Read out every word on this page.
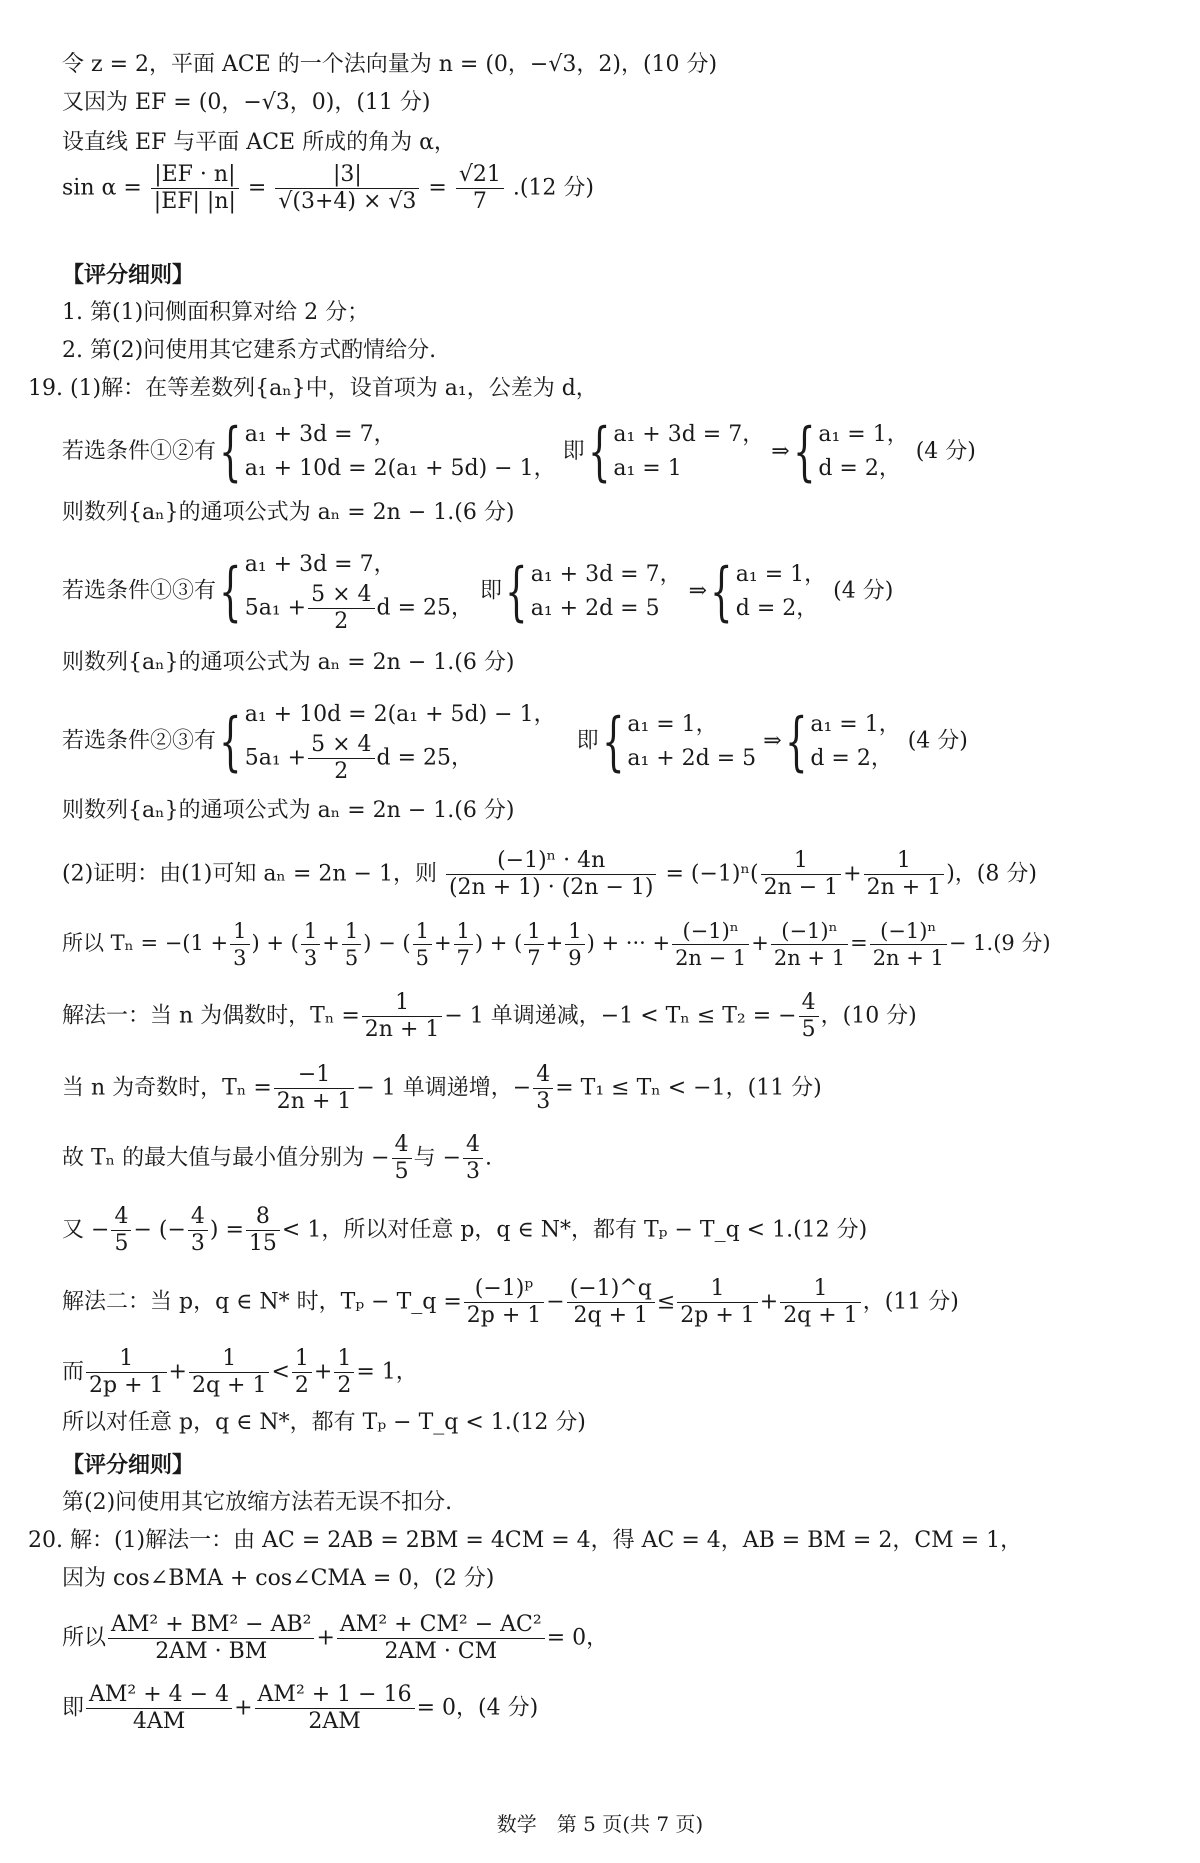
令 z = 2，平面 ACE 的一个法向量为 n = (0，−√3，2)，(10 分)
又因为 EF = (0，−√3，0)，(11 分)
设直线 EF 与平面 ACE 所成的角为 α，
$\sin \alpha = \frac{|EF \cdot n|}{|EF| |n|} = \frac{|3|}{√(3+4) \times √3} = \frac{√21}{7} .(12$ 分)
【评分细则】
1. 第(1)问侧面积算对给 2 分；
2. 第(2)问使用其它建系方式酌情给分.
19. (1)解：在等差数列{aₙ}中，设首项为 a₁，公差为 d，
若选条件①②有{ a₁ + 3d = 7，
a₁ + 10d = 2(a₁ + 5d) − 1，
即{ a₁ + 3d = 7，
a₁ = 1
⇒{ a₁ = 1，
d = 2，
(4 分)
则数列{aₙ}的通项公式为 aₙ = 2n − 1.(6 分)
若选条件①③有{ a₁ + 3d = 7，
$5a_1 + \frac{5 \times 4}{2}$ d = 25，
即{ a₁ + 3d = 7，
a₁ + 2d = 5
⇒{ a₁ = 1，
d = 2，
(4 分)
则数列{aₙ}的通项公式为 aₙ = 2n − 1.(6 分)
若选条件②③有{ a₁ + 10d = 2(a₁ + 5d) − 1，
$5a_1 + \frac{5 \times 4}{2}$ d = 25，
即{ a₁ = 1，
a₁ + 2d = 5
⇒{ a₁ = 1，
d = 2，
(4 分)
则数列{aₙ}的通项公式为 aₙ = 2n − 1.(6 分)
(2)证明：由(1)可知 aₙ = 2n − 1，则 $\frac{\text{(−1)ⁿ · 4n}}{(2n + 1) \cdot (2n - 1)} = (-1)^n( \frac{1}{2n - 1} + \frac{1}{2n + 1}$ )，(8 分)
所以 $T_n = -(1 + \frac{1}{3}$ ) + ( $\frac{1}{3} + \frac{1}{5}$ ) − ( $\frac{1}{5} + \frac{1}{7}$ ) + ( $\frac{1}{7} + \frac{1}{9}$ ) + ··· + $\frac{\text{(−1)ⁿ}}{2n - 1} + \frac{\text{(−1)ⁿ}}{2n + 1} = \frac{\text{(−1)ⁿ}}{2n + 1} - 1.(9$ 分)
解法一：当 n 为偶数时，$T_n = \frac{1}{2n + 1} - 1$ 单调递减，−1 < Tₙ ≤ T₂ = − $\frac{4}{5}$ ，(10 分)
当 n 为奇数时，$T_n = \frac{-1}{2n + 1} - 1$ 单调递增，− $\frac{4}{3} = T_1 \le T_n < -1$，(11 分)
故 Tₙ 的最大值与最小值分别为 − $\frac{4}{5}$ 与 − $\frac{4}{3}$ .
又 − $\frac{4}{5}$ − (− $\frac{4}{3}$ ) = $\frac{8}{15} < 1$，所以对任意 p，q ∈ N*，都有 Tₚ − T_q < 1.(12 分)
解法二：当 p，q ∈ N* 时，Tₚ − T_q = $\frac{\text{(−1)ᵖ}}{2p + 1} - \frac{(-1)\^{}q}{2q + 1} \le \frac{1}{2p + 1} + \frac{1}{2q + 1}$ ，(11 分)
而 $\frac{1}{2p + 1} + \frac{1}{2q + 1} < \frac{1}{2} + \frac{1}{2} = 1$，
所以对任意 p，q ∈ N*，都有 Tₚ − T_q < 1.(12 分)
【评分细则】
第(2)问使用其它放缩方法若无误不扣分.
20. 解：(1)解法一：由 AC = 2AB = 2BM = 4CM = 4，得 AC = 4，AB = BM = 2，CM = 1，
因为 cos∠BMA + cos∠CMA = 0，(2 分)
所以 $\frac{\text{AM² + BM² − AB²}}{2AM \cdot BM} + \frac{\text{AM² + CM² − AC²}}{2AM \cdot CM} = 0$，
即 $\frac{\text{AM² + 4 − 4}}{4AM} + \frac{\text{AM² + 1 − 16}}{2AM} = 0$，(4 分)
数学　第 5 页(共 7 页)
